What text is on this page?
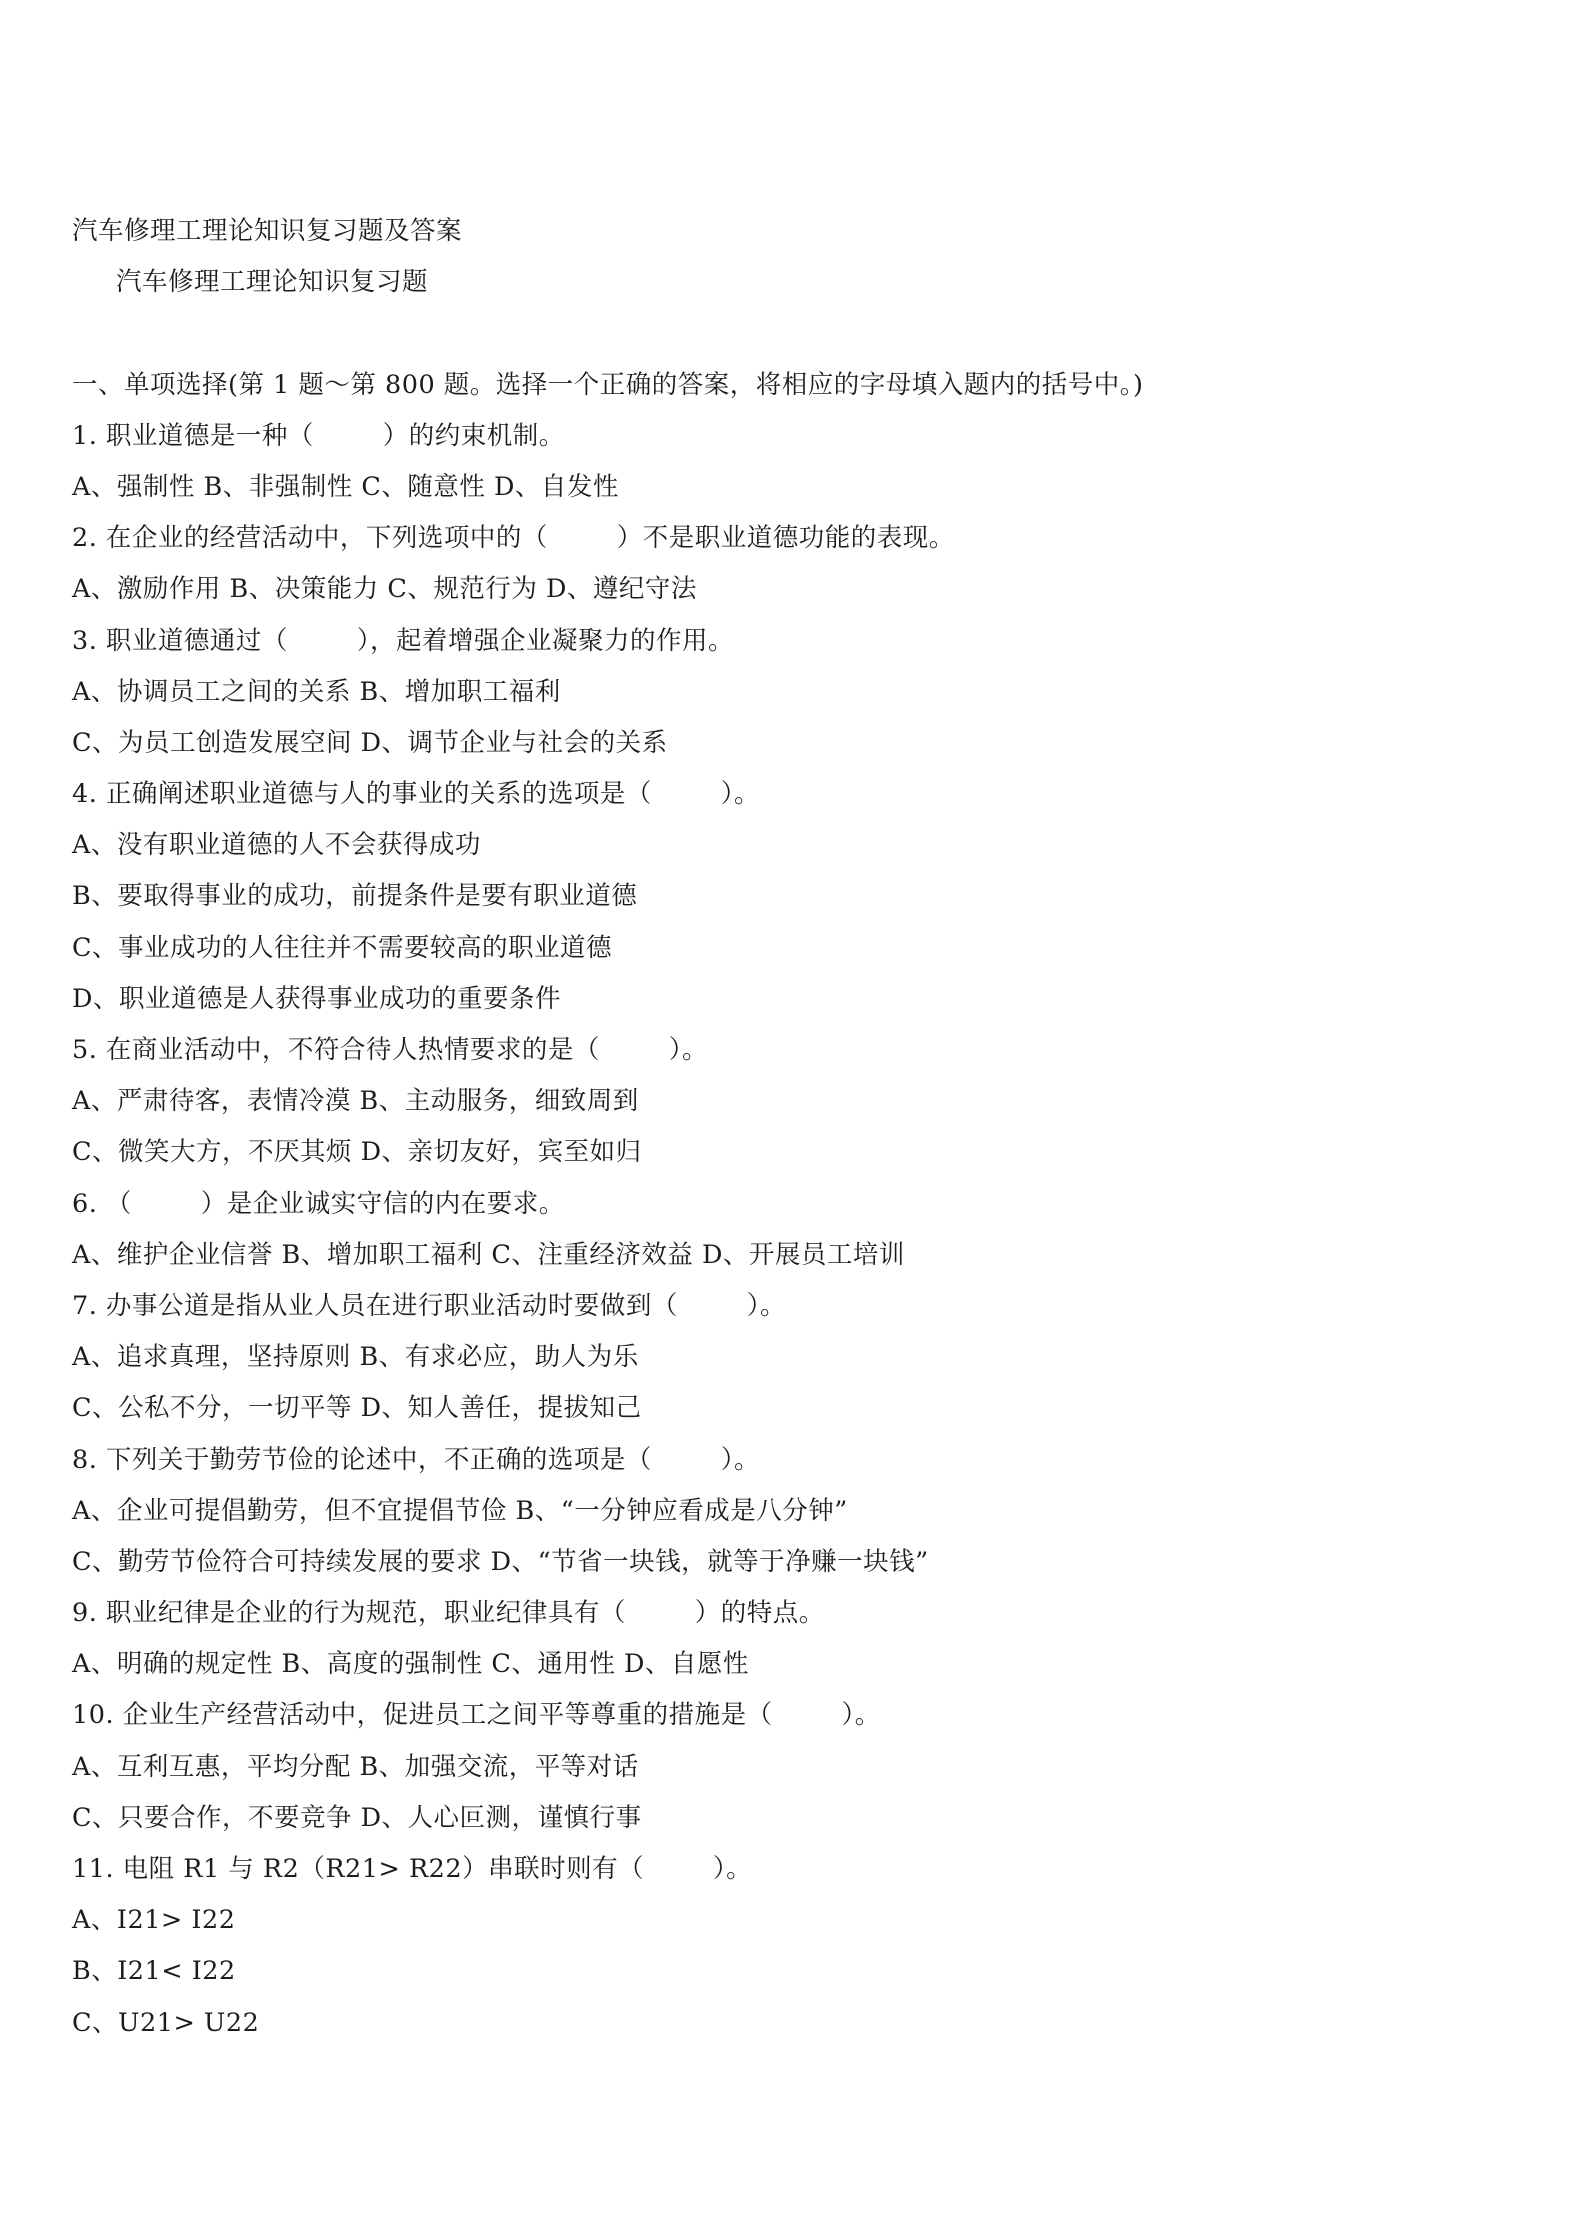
汽车修理工理论知识复习题及答案
汽车修理工理论知识复习题
一、单项选择(第 1 题～第 800 题。选择一个正确的答案，将相应的字母填入题内的括号中。)
1. 职业道德是一种（        ）的约束机制。
A、强制性 B、非强制性 C、随意性 D、自发性
2. 在企业的经营活动中，下列选项中的（        ）不是职业道德功能的表现。
A、激励作用 B、决策能力 C、规范行为 D、遵纪守法
3. 职业道德通过（        ），起着增强企业凝聚力的作用。
A、协调员工之间的关系 B、增加职工福利
C、为员工创造发展空间 D、调节企业与社会的关系
4. 正确阐述职业道德与人的事业的关系的选项是（        ）。
A、没有职业道德的人不会获得成功
B、要取得事业的成功，前提条件是要有职业道德
C、事业成功的人往往并不需要较高的职业道德
D、职业道德是人获得事业成功的重要条件
5. 在商业活动中，不符合待人热情要求的是（        ）。
A、严肃待客，表情冷漠 B、主动服务，细致周到
C、微笑大方，不厌其烦 D、亲切友好，宾至如归
6. （        ）是企业诚实守信的内在要求。
A、维护企业信誉 B、增加职工福利 C、注重经济效益 D、开展员工培训
7. 办事公道是指从业人员在进行职业活动时要做到（        ）。
A、追求真理，坚持原则 B、有求必应，助人为乐
C、公私不分，一切平等 D、知人善任，提拔知己
8. 下列关于勤劳节俭的论述中，不正确的选项是（        ）。
A、企业可提倡勤劳，但不宜提倡节俭 B、“一分钟应看成是八分钟”
C、勤劳节俭符合可持续发展的要求 D、“节省一块钱，就等于净赚一块钱”
9. 职业纪律是企业的行为规范，职业纪律具有（        ）的特点。
A、明确的规定性 B、高度的强制性 C、通用性 D、自愿性
10. 企业生产经营活动中，促进员工之间平等尊重的措施是（        ）。
A、互利互惠，平均分配 B、加强交流，平等对话
C、只要合作，不要竞争 D、人心叵测，谨慎行事
11. 电阻 R1 与 R2（R21> R22）串联时则有（        ）。
A、I21> I22
B、I21< I22
C、U21> U22
